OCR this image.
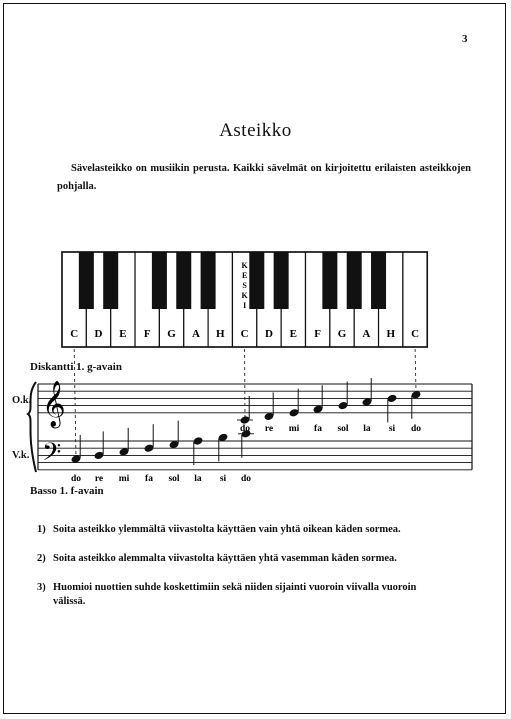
3
Asteikko
Sävelasteikko on musiikin perusta. Kaikki sävelmät on kirjoitettu erilaisten asteikkojen pohjalla.
C D E F G A H C D E F G A H C
K
E
S
K
I
𝄞
𝄢
do
do
re
re
mi
mi
fa
fa
sol
sol
la
la
si
si
do
do
O.k.
V.k.
Diskantti 1. g-avain
Basso 1. f-avain
1) Soita asteikko ylemmältä viivastolta käyttäen vain yhtä oikean käden sormea.
2) Soita asteikko alemmalta viivastolta käyttäen yhtä vasemman käden sormea.
3) Huomioi nuottien suhde koskettimiin sekä niiden sijainti vuoroin viivalla vuoroin
välissä.
